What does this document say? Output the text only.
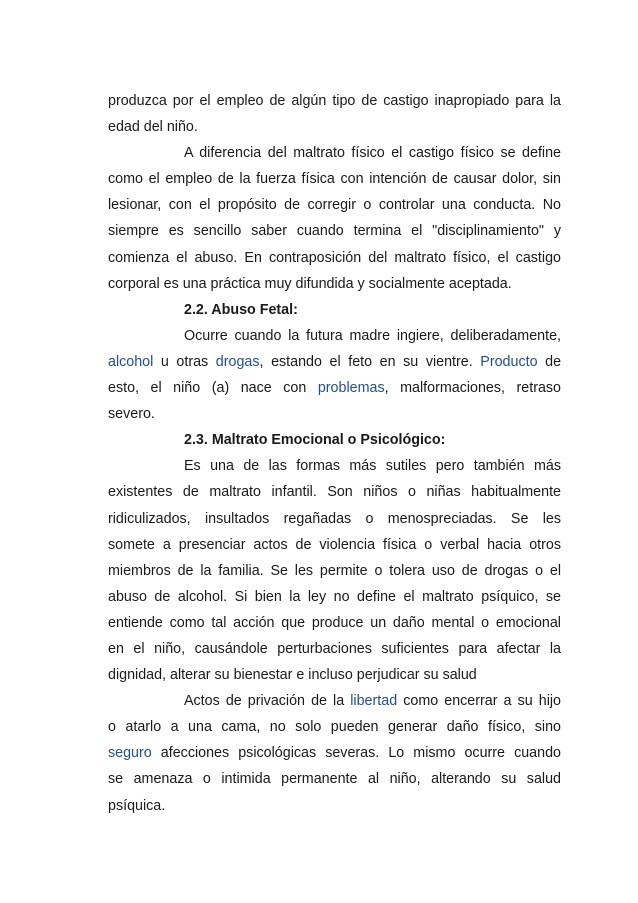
produzca por el empleo de algún tipo de castigo inapropiado para la
edad del niño.
A diferencia del maltrato físico el castigo físico se define
como el empleo de la fuerza física con intención de causar dolor, sin
lesionar, con el propósito de corregir o controlar una conducta. No
siempre es sencillo saber cuando termina el "disciplinamiento" y
comienza el abuso. En contraposición del maltrato físico, el castigo
corporal es una práctica muy difundida y socialmente aceptada.
2.2. Abuso Fetal:
Ocurre cuando la futura madre ingiere, deliberadamente,
alcohol u otras drogas, estando el feto en su vientre. Producto de
esto, el niño (a) nace con problemas, malformaciones, retraso
severo.
2.3. Maltrato Emocional o Psicológico:
Es una de las formas más sutiles pero también más
existentes de maltrato infantil. Son niños o niñas habitualmente
ridiculizados, insultados regañadas o menospreciadas. Se les
somete a presenciar actos de violencia física o verbal hacia otros
miembros de la familia. Se les permite o tolera uso de drogas o el
abuso de alcohol. Si bien la ley no define el maltrato psíquico, se
entiende como tal acción que produce un daño mental o emocional
en el niño, causándole perturbaciones suficientes para afectar la
dignidad, alterar su bienestar e incluso perjudicar su salud
Actos de privación de la libertad como encerrar a su hijo
o atarlo a una cama, no solo pueden generar daño físico, sino
seguro afecciones psicológicas severas. Lo mismo ocurre cuando
se amenaza o intimida permanente al niño, alterando su salud
psíquica.
